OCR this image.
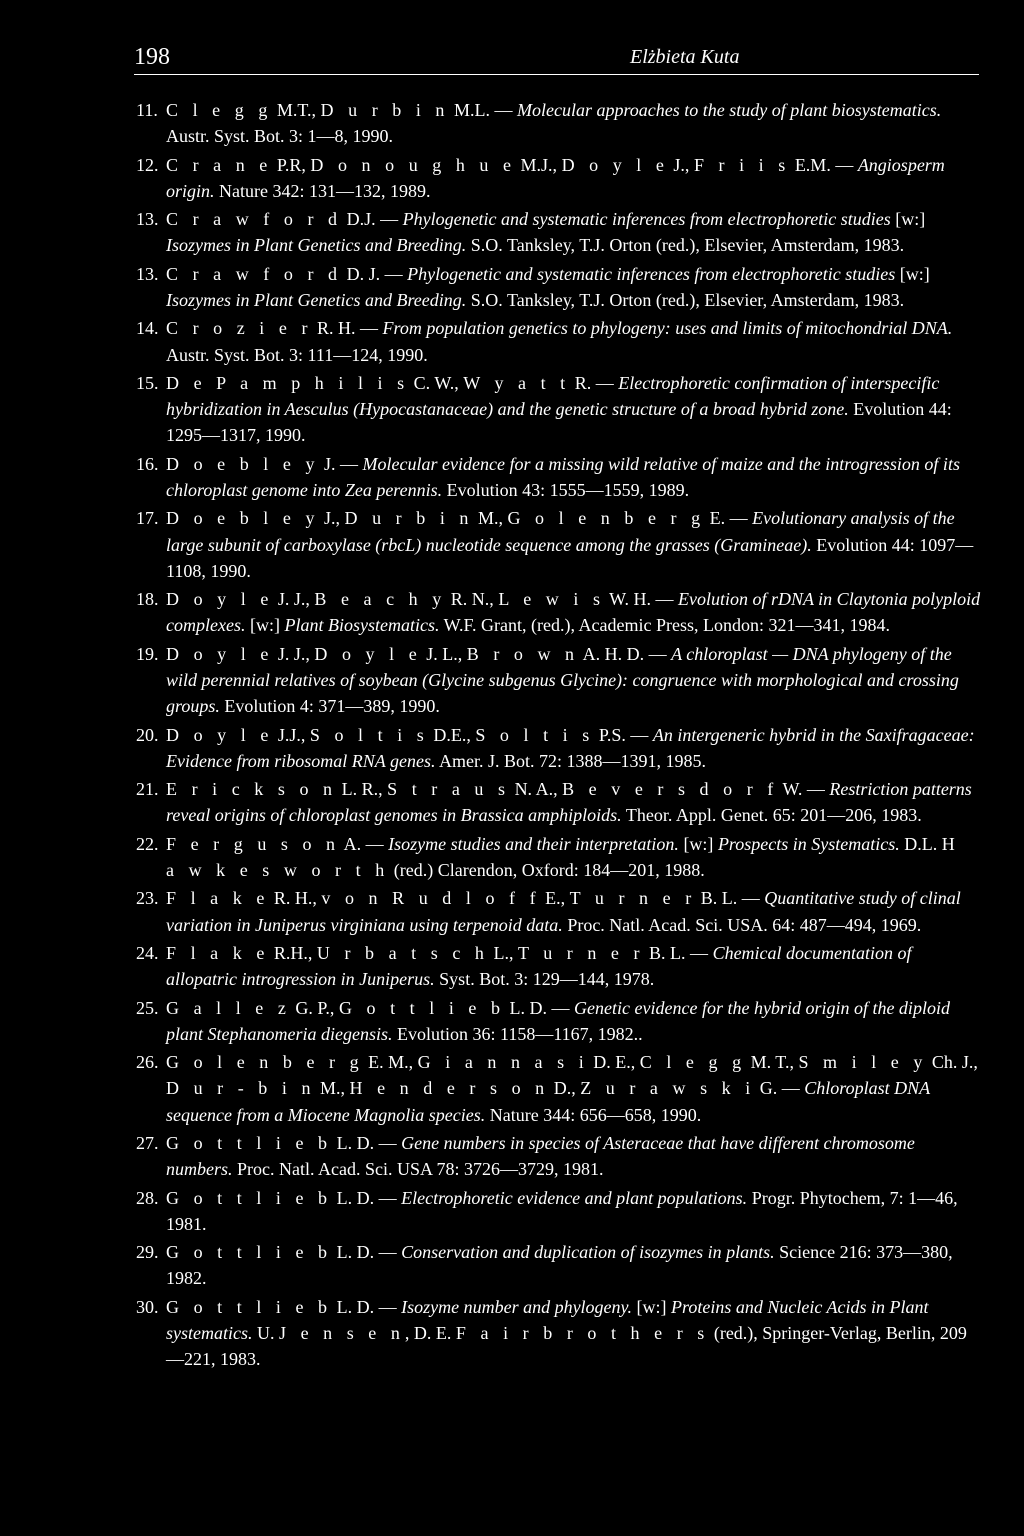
198	Elżbieta Kuta
11. C l e g g M.T., D u r b i n M.L. — Molecular approaches to the study of plant biosystematics. Austr. Syst. Bot. 3: 1—8, 1990.
12. C r a n e P.R, D o n o u g h u e M.J., D o y l e J., F r i i s E.M. — Angiosperm origin. Nature 342: 131—132, 1989.
13. C r a w f o r d D.J. — Phylogenetic and systematic inferences from electrophoretic studies [w:] Isozymes in Plant Genetics and Breeding. S.O. Tanksley, T.J. Orton (red.), Elsevier, Amsterdam, 1983.
13. C r a w f o r d D. J. — Phylogenetic and systematic inferences from electrophoretic studies [w:] Isozymes in Plant Genetics and Breeding. S.O. Tanksley, T.J. Orton (red.), Elsevier, Amsterdam, 1983.
14. C r o z i e r R. H. — From population genetics to phylogeny: uses and limits of mitochondrial DNA. Austr. Syst. Bot. 3: 111—124, 1990.
15. D e P a m p h i l i s C. W., W y a t t R. — Electrophoretic confirmation of interspecific hybridization in Aesculus (Hypocastanaceae) and the genetic structure of a broad hybrid zone. Evolution 44: 1295—1317, 1990.
16. D o e b l e y J. — Molecular evidence for a missing wild relative of maize and the introgression of its chloroplast genome into Zea perennis. Evolution 43: 1555—1559, 1989.
17. D o e b l e y J., D u r b i n M., G o l e n b e r g E. — Evolutionary analysis of the large subunit of carboxylase (rbcL) nucleotide sequence among the grasses (Gramineae). Evolution 44: 1097—1108, 1990.
18. D o y l e J. J., B e a c h y R. N., L e w i s W. H. — Evolution of rDNA in Claytonia polyploid complexes. [w:] Plant Biosystematics. W.F. Grant, (red.), Academic Press, London: 321—341, 1984.
19. D o y l e J. J., D o y l e J. L., B r o w n A. H. D. — A chloroplast — DNA phylogeny of the wild perennial relatives of soybean (Glycine subgenus Glycine): congruence with morphological and crossing groups. Evolution 4: 371—389, 1990.
20. D o y l e J.J., S o l t i s D.E., S o l t i s P.S. — An intergeneric hybrid in the Saxifragaceae: Evidence from ribosomal RNA genes. Amer. J. Bot. 72: 1388—1391, 1985.
21. E r i c k s o n L. R., S t r a u s N. A., B e v e r s d o r f W. — Restriction patterns reveal origins of chloroplast genomes in Brassica amphiploids. Theor. Appl. Genet. 65: 201—206, 1983.
22. F e r g u s o n A. — Isozyme studies and their interpretation. [w:] Prospects in Systematics. D.L. H a w k e s w o r t h (red.) Clarendon, Oxford: 184—201, 1988.
23. F l a k e R. H., v o n R u d l o f f E., T u r n e r B. L. — Quantitative study of clinal variation in Juniperus virginiana using terpenoid data. Proc. Natl. Acad. Sci. USA. 64: 487—494, 1969.
24. F l a k e R.H., U r b a t s c h L., T u r n e r B. L. — Chemical documentation of allopatric introgression in Juniperus. Syst. Bot. 3: 129—144, 1978.
25. G a l l e z G. P., G o t t l i e b L. D. — Genetic evidence for the hybrid origin of the diploid plant Stephanomeria diegensis. Evolution 36: 1158—1167, 1982..
26. G o l e n b e r g E. M., G i a n n a s i D. E., C l e g g M. T., S m i l e y Ch. J., D u r - b i n M., H e n d e r s o n D., Z u r a w s k i G. — Chloroplast DNA sequence from a Miocene Magnolia species. Nature 344: 656—658, 1990.
27. G o t t l i e b L. D. — Gene numbers in species of Asteraceae that have different chromosome numbers. Proc. Natl. Acad. Sci. USA 78: 3726—3729, 1981.
28. G o t t l i e b L. D. — Electrophoretic evidence and plant populations. Progr. Phytochem, 7: 1—46, 1981.
29. G o t t l i e b L. D. — Conservation and duplication of isozymes in plants. Science 216: 373—380, 1982.
30. G o t t l i e b L. D. — Isozyme number and phylogeny. [w:] Proteins and Nucleic Acids in Plant systematics. U. J e n s e n, D. E. F a i r b r o t h e r s (red.), Springer-Verlag, Berlin, 209—221, 1983.
